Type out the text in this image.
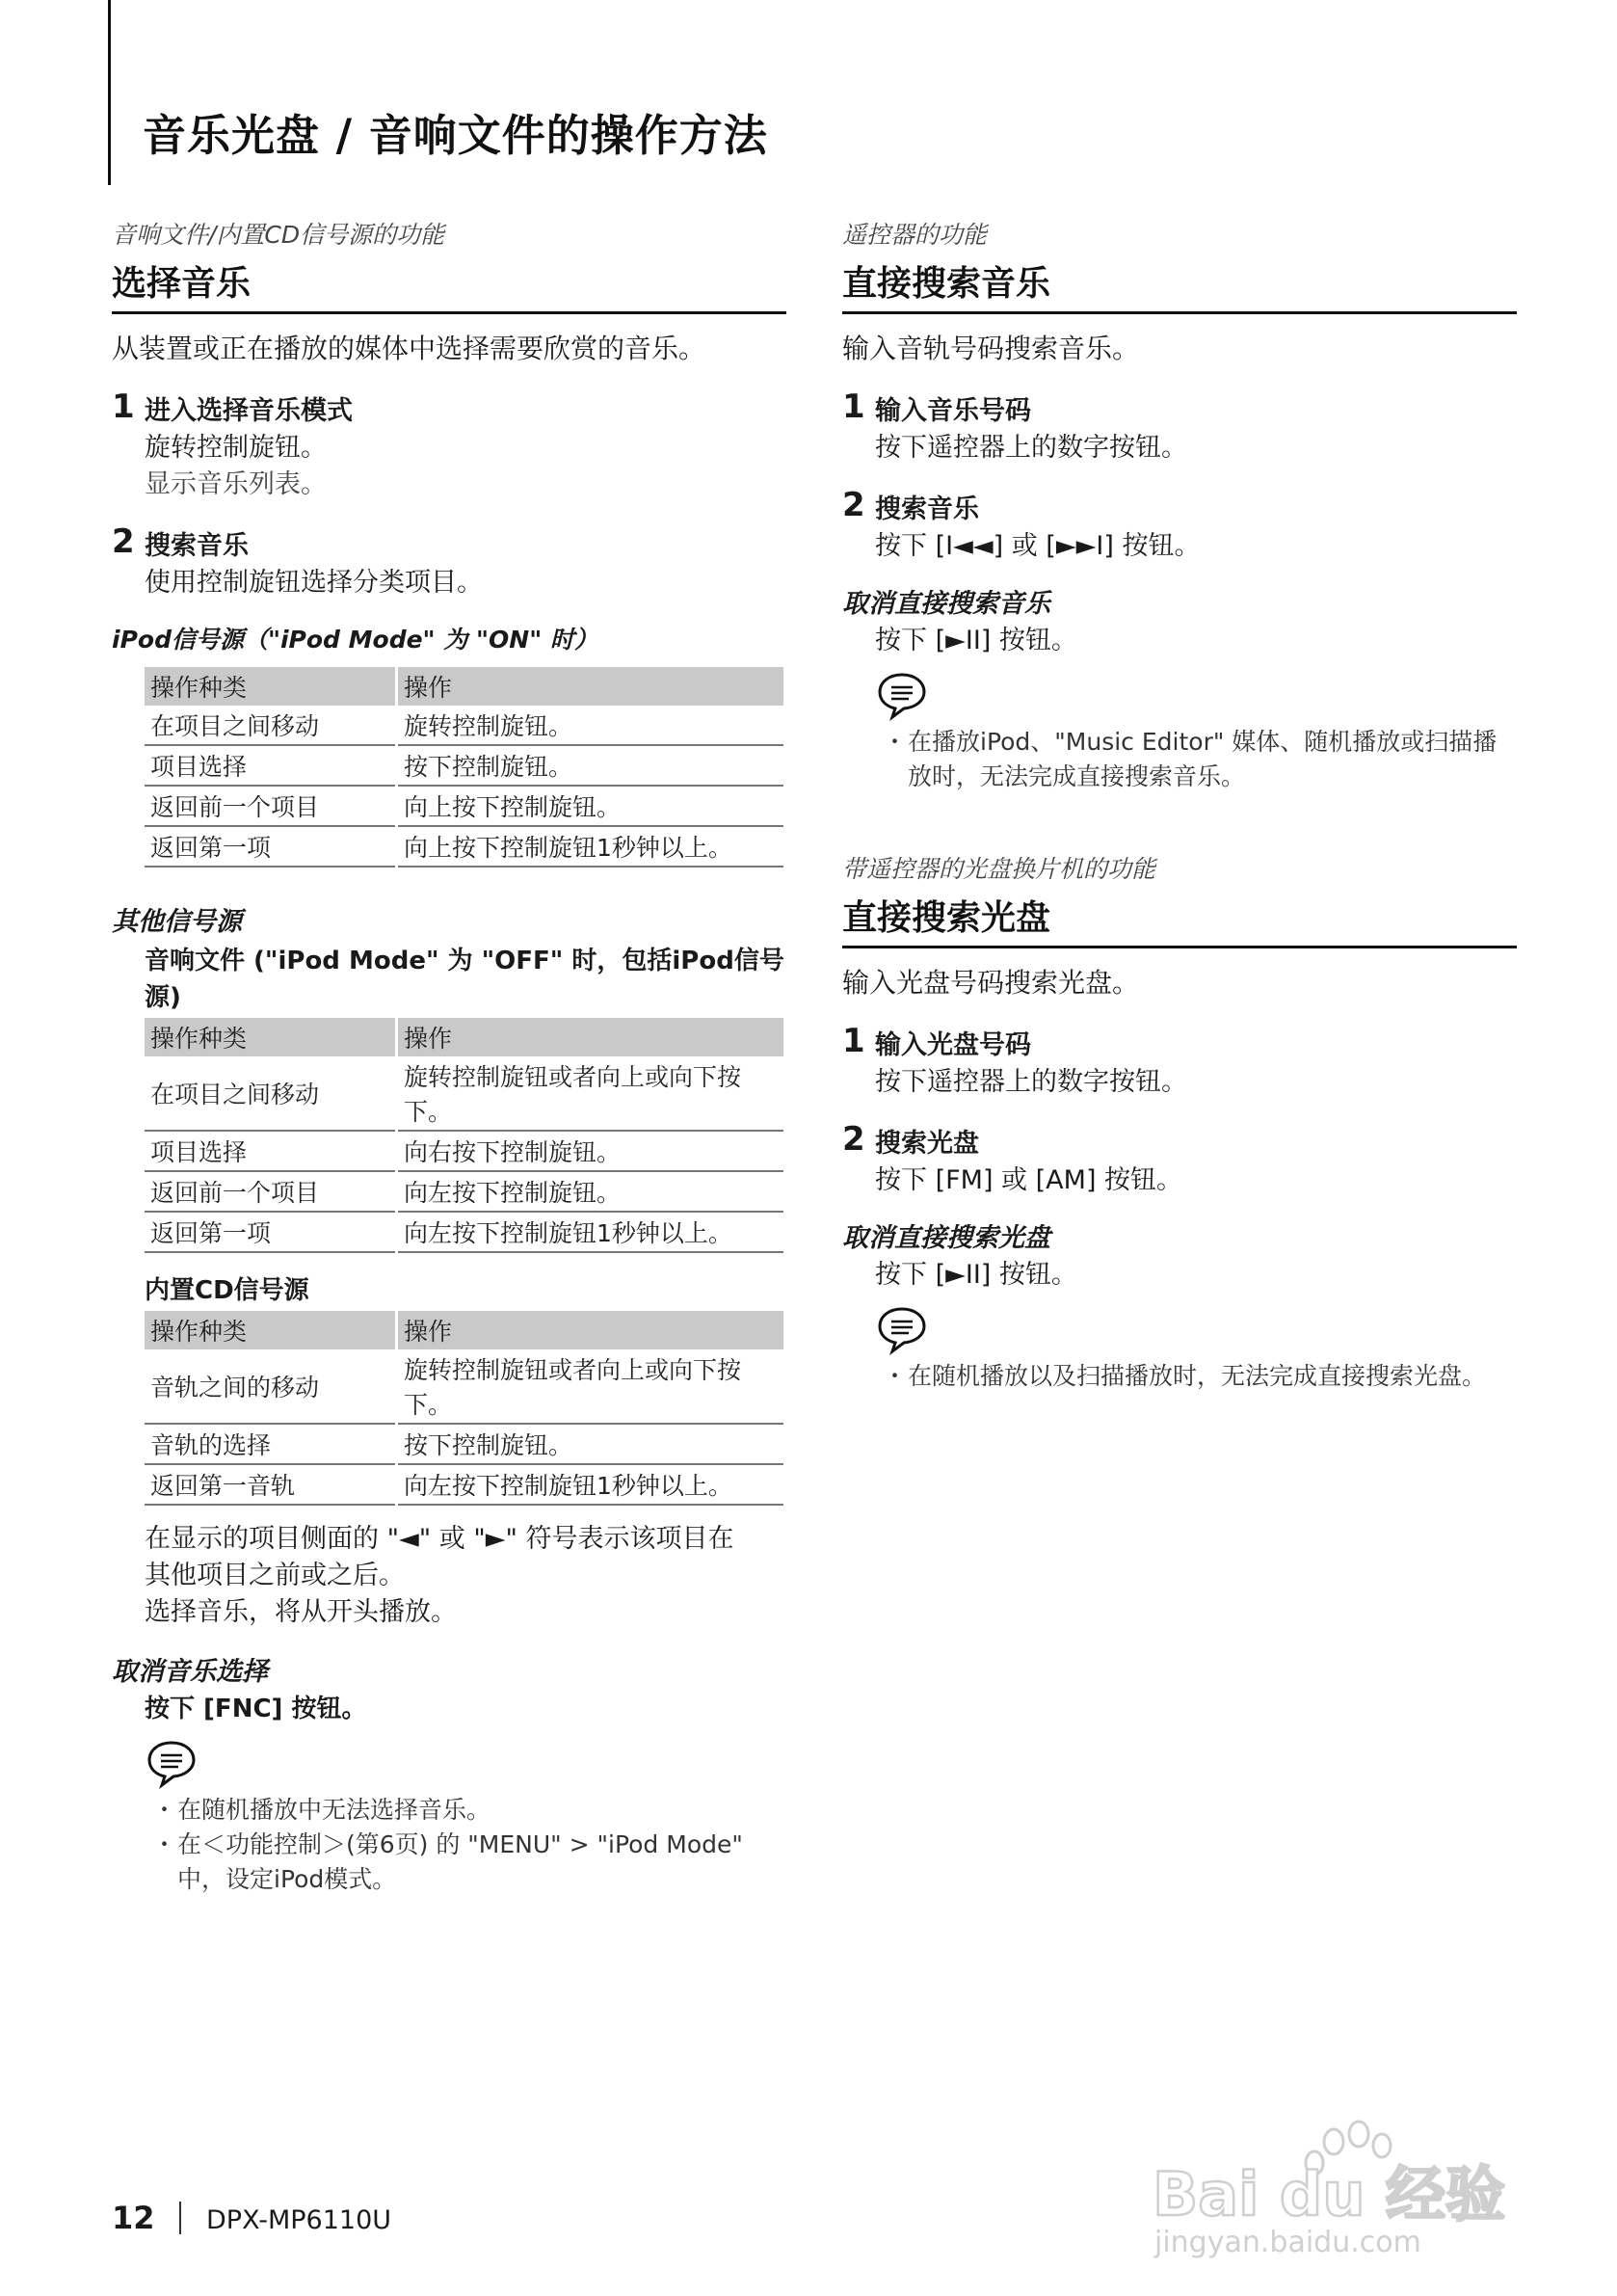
音乐光盘 / 音响文件的操作方法
音响文件/内置CD信号源的功能
选择音乐

从装置或正在播放的媒体中选择需要欣赏的音乐。

1 进入选择音乐模式
旋转控制旋钮。
显示音乐列表。
2 搜索音乐
使用控制旋钮选择分类项目。
iPod信号源（"iPod Mode" 为 "ON" 时）
操作种类	操作
在项目之间移动	旋转控制旋钮。
项目选择	按下控制旋钮。
返回前一个项目	向上按下控制旋钮。
返回第一项	向上按下控制旋钮1秒钟以上。
其他信号源
音响文件 ("iPod Mode" 为 "OFF" 时，包括iPod信号源)
操作种类	操作
在项目之间移动	旋转控制旋钮或者向上或向下按下。
项目选择	向右按下控制旋钮。
返回前一个项目	向左按下控制旋钮。
返回第一项	向左按下控制旋钮1秒钟以上。
内置CD信号源
操作种类	操作
音轨之间的移动	旋转控制旋钮或者向上或向下按下。
音轨的选择	按下控制旋钮。
返回第一音轨	向左按下控制旋钮1秒钟以上。
在显示的项目侧面的 "◄" 或 "►" 符号表示该项目在
其他项目之前或之后。
选择音乐，将从开头播放。
取消音乐选择
按下 [FNC] 按钮。
・ 在随机播放中无法选择音乐。
・ 在＜功能控制＞(第6页) 的 "MENU" > "iPod Mode" 中，设定iPod模式。
遥控器的功能
直接搜索音乐

输入音轨号码搜索音乐。

1 输入音乐号码
按下遥控器上的数字按钮。
2 搜索音乐
按下 [I◄◄] 或 [►►I] 按钮。
取消直接搜索音乐
按下 [►II] 按钮。
・ 在播放iPod、"Music Editor" 媒体、随机播放或扫描播放时，无法完成直接搜索音乐。
带遥控器的光盘换片机的功能
直接搜索光盘

输入光盘号码搜索光盘。

1 输入光盘号码
按下遥控器上的数字按钮。
2 搜索光盘
按下 [FM] 或 [AM] 按钮。
取消直接搜索光盘
按下 [►II] 按钮。
・ 在随机播放以及扫描播放时，无法完成直接搜索光盘。
12 DPX-MP6110U	Bai du 经验
jingyan.baidu.com
